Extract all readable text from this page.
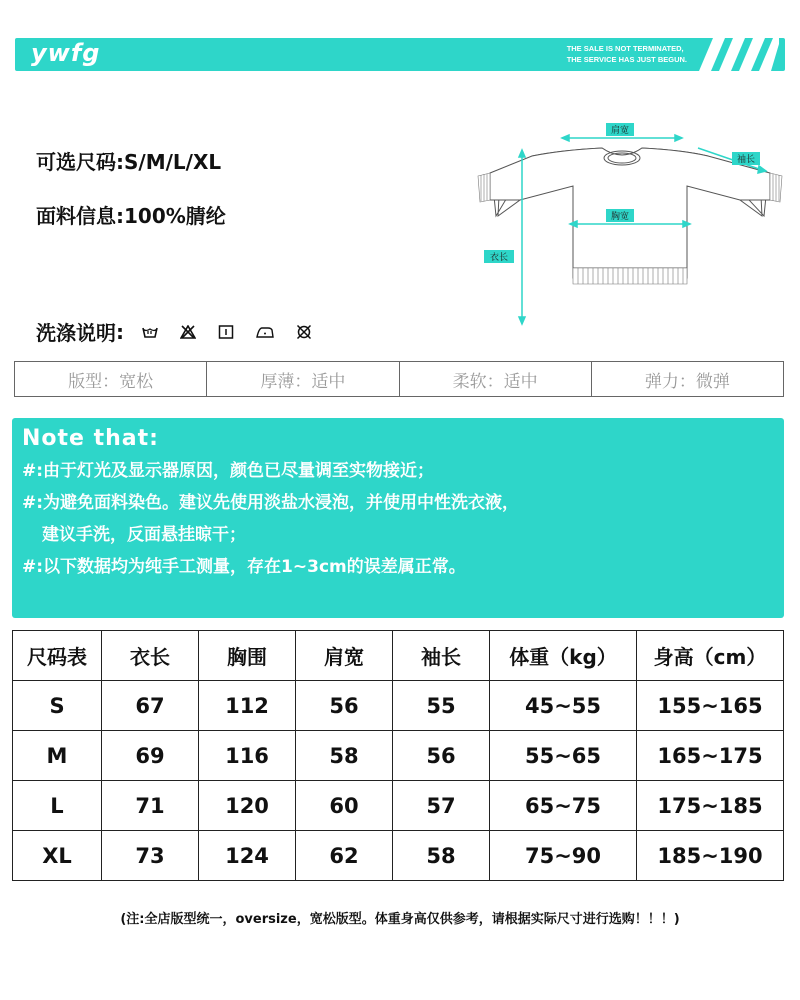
ywfg	THE SALE IS NOT TERMINATED,
THE SERVICE HAS JUST BEGUN.
可选尺码:S/M/L/XL
面料信息:100%腈纶
洗涤说明 :
肩宽
袖长
胸宽
衣长
版型 ： 宽松	厚薄 ： 适中	柔软 ： 适中	弹力 ： 微弹
Note that:
#:由于灯光及显示器原因，颜色已尽量调至实物接近；
#:为避免面料染色。建议先使用淡盐水浸泡，并使用中性洗衣液，
建议手洗，反面悬挂晾干；
#:以下数据均为纯手工测量，存在1~3cm的误差属正常。
尺码表	衣长	胸围	肩宽	袖长	体重（kg）	身高（cm）
S	67	112	56	55	45~55	155~165
M	69	116	58	56	55~65	165~175
L	71	120	60	57	65~75	175~185
XL	73	124	62	58	75~90	185~190
(注:全店版型统一，oversize，宽松版型。体重身高仅供参考，请根据实际尺寸进行选购！！！)
